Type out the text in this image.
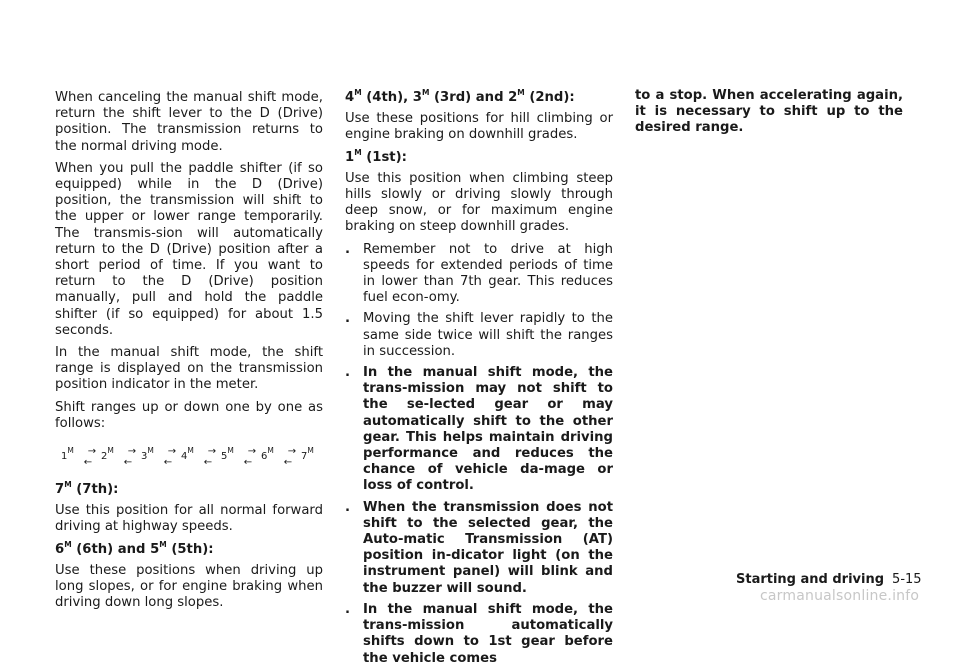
When canceling the manual shift mode, return the shift lever to the D (Drive) position. The transmission returns to the normal driving mode.

When you pull the paddle shifter (if so equipped) while in the D (Drive) position, the transmission will shift to the upper or lower range temporarily. The transmis-sion will automatically return to the D (Drive) position after a short period of time. If you want to return to the D (Drive) position manually, pull and hold the paddle shifter (if so equipped) for about 1.5 seconds.

In the manual shift mode, the shift range is displayed on the transmission position indicator in the meter.

Shift ranges up or down one by one as follows:

$1^M$	→
←
$2^M$	→
←
$3^M$	→
←
$4^M$	→
←
$5^M$	→
←
$6^M$	→
←
$7^M$
$7^M$ (7th):

Use this position for all normal forward driving at highway speeds.

$6^M$ (6th) and $5^M$ (5th):

Use these positions when driving up long slopes, or for engine braking when driving down long slopes.

$4^M$ (4th), $3^M$ (3rd) and $2^M$ (2nd):

Use these positions for hill climbing or engine braking on downhill grades.

$1^M$ (1st):

Use this position when climbing steep hills slowly or driving slowly through deep snow, or for maximum engine braking on steep downhill grades.

. Remember not to drive at high speeds for extended periods of time in lower than 7th gear. This reduces fuel econ-omy.
. Moving the shift lever rapidly to the same side twice will shift the ranges in succession.
. In the manual shift mode, the trans-mission may not shift to the se-lected gear or may automatically shift to the other gear. This helps maintain driving performance and reduces the chance of vehicle da-mage or loss of control.
. When the transmission does not shift to the selected gear, the Auto-matic Transmission (AT) position in-dicator light (on the instrument panel) will blink and the buzzer will sound.
. In the manual shift mode, the trans-mission automatically shifts down to 1st gear before the vehicle comes

to a stop. When accelerating again, it is necessary to shift up to the desired range.

Starting and driving 5-15
carmanualsonline.info
